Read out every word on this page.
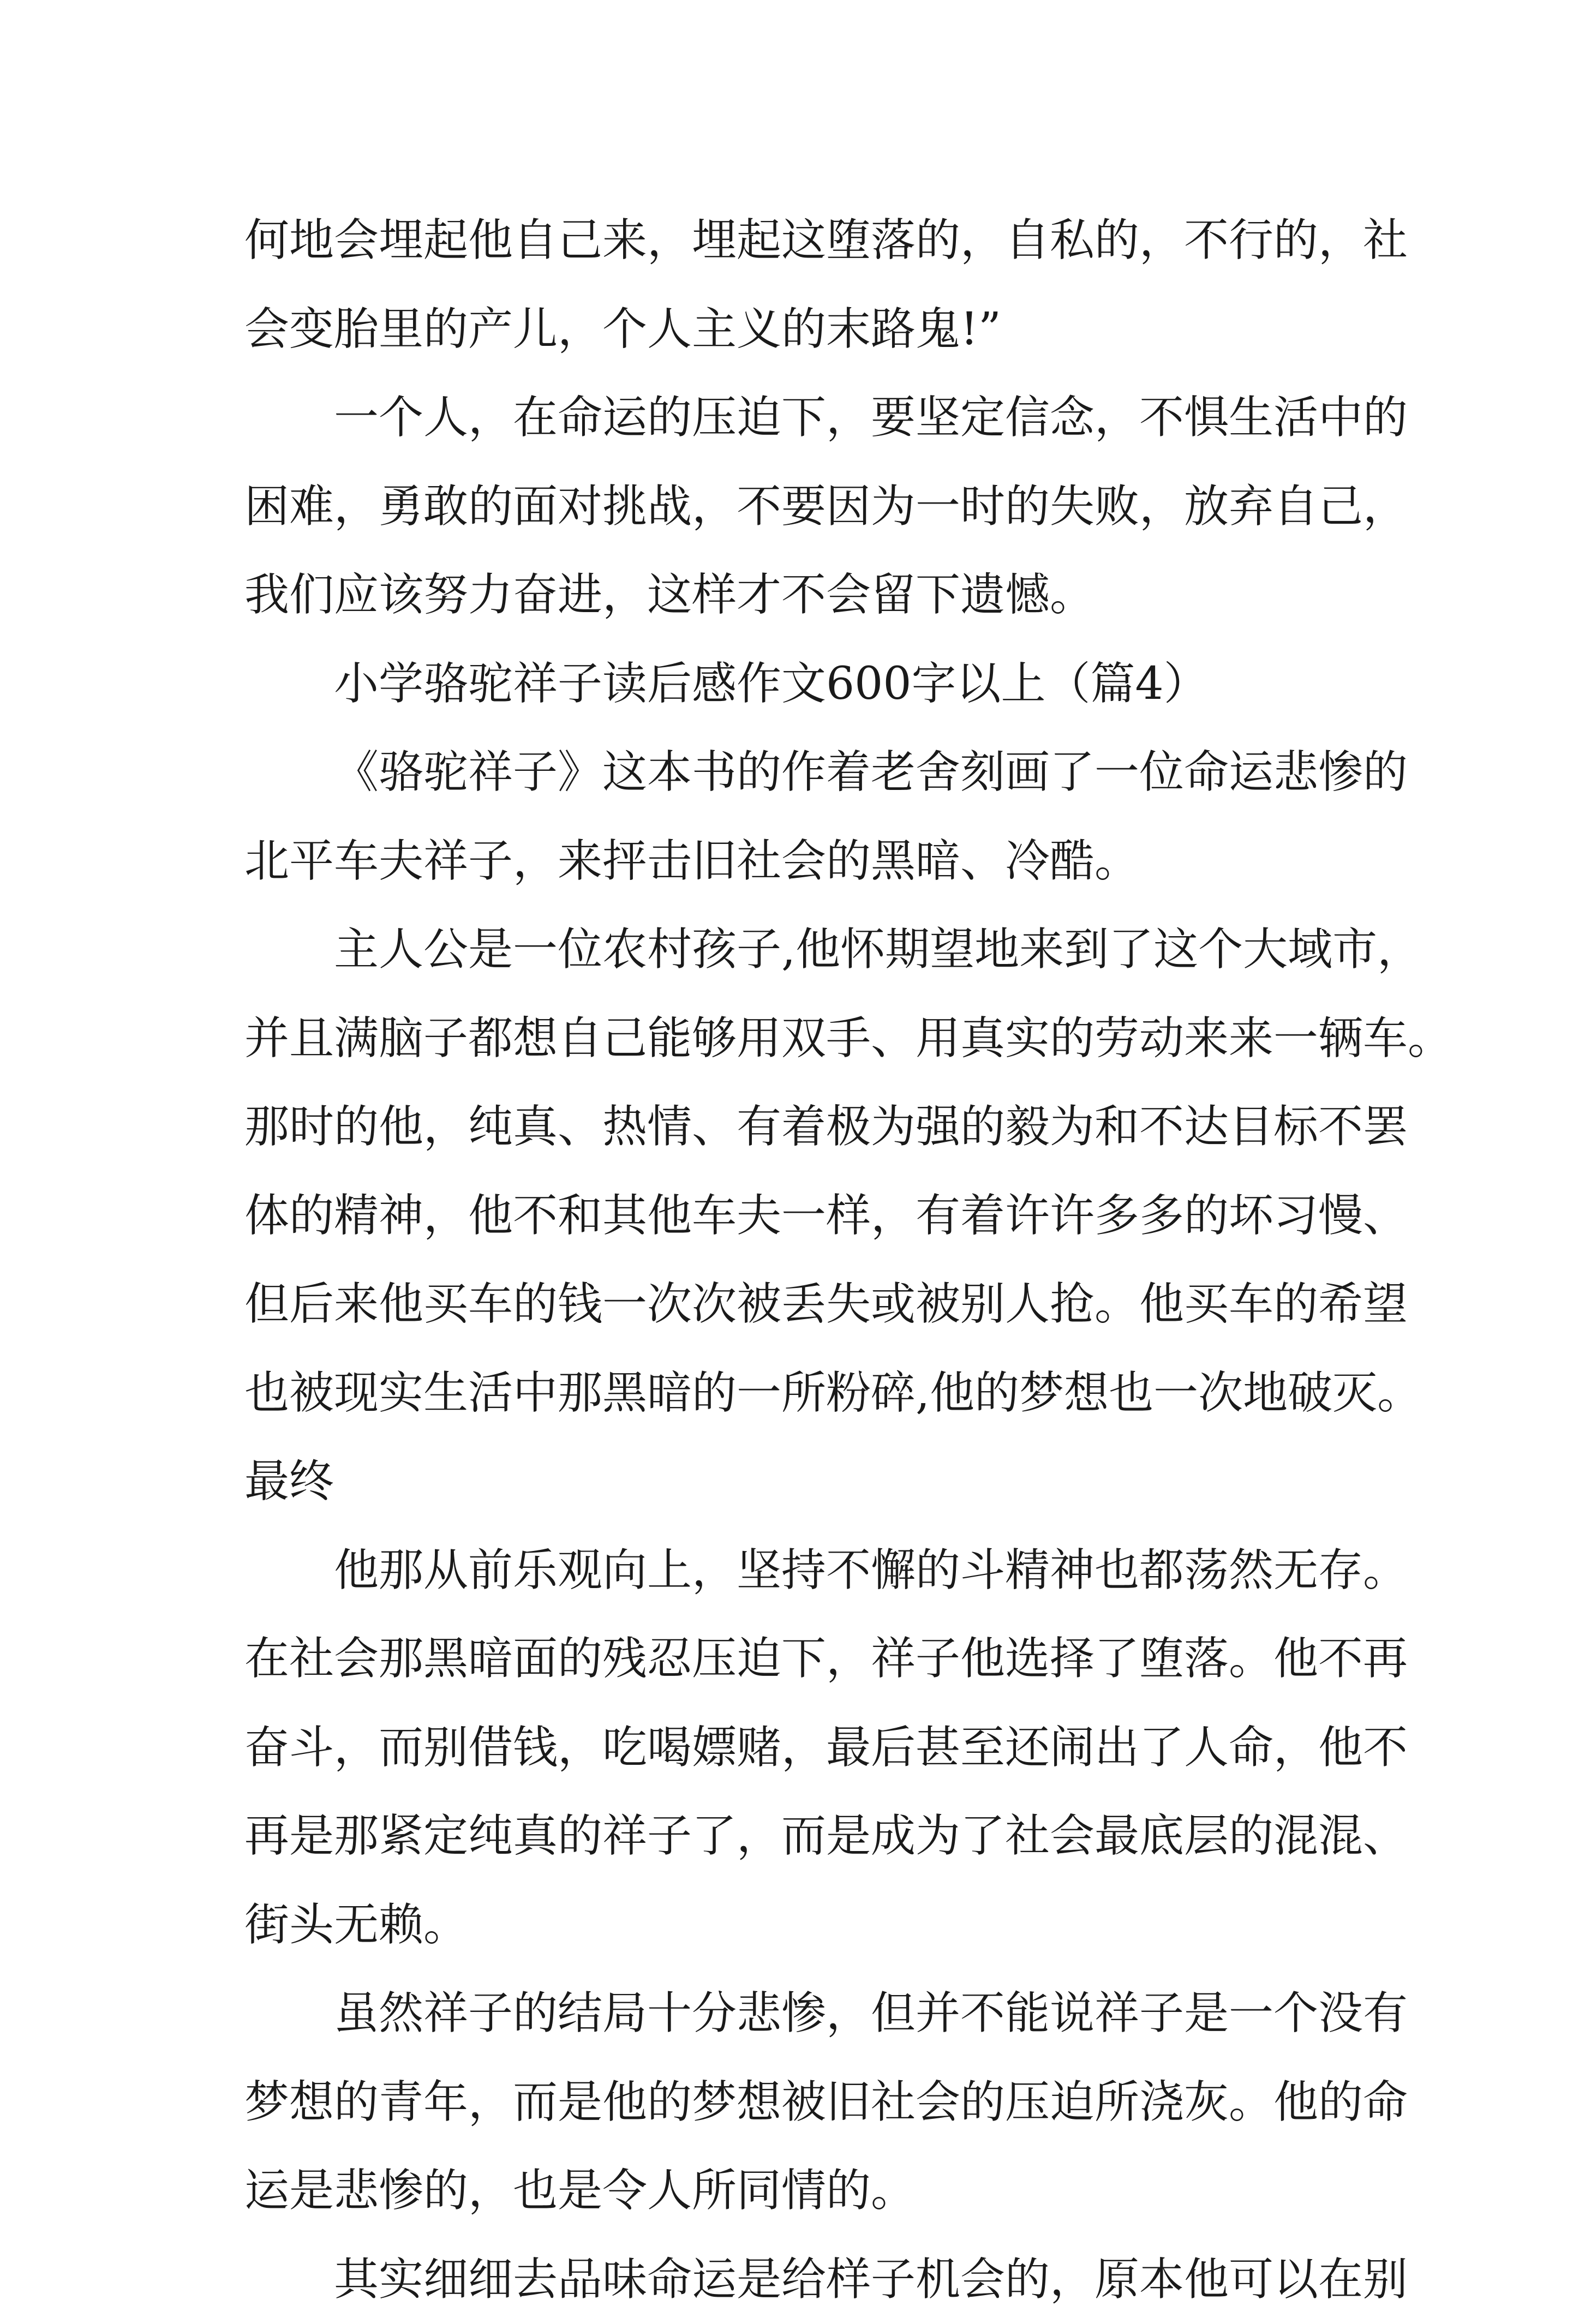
何地会埋起他自己来，埋起这堕落的，自私的，不行的，社

会变胎里的产儿，个人主义的末路鬼!”

一个人，在命运的压迫下，要坚定信念，不惧生活中的

困难，勇敢的面对挑战，不要因为一时的失败，放弃自己，

我们应该努力奋进，这样才不会留下遗憾。

小学骆驼祥子读后感作文600字以上（篇4）

《骆驼祥子》这本书的作着老舍刻画了一位命运悲惨的

北平车夫祥子，来抨击旧社会的黑暗、冷酷。

主人公是一位农村孩子,他怀期望地来到了这个大域市，

并且满脑子都想自己能够用双手、用真实的劳动来来一辆车。

那时的他，纯真、热情、有着极为强的毅为和不达目标不罢

体的精神，他不和其他车夫一样，有着许许多多的坏习慢、

但后来他买车的钱一次次被丢失或被别人抢。他买车的希望

也被现实生活中那黑暗的一所粉碎,他的梦想也一次地破灭。

最终

他那从前乐观向上，坚持不懈的斗精神也都荡然无存。

在社会那黑暗面的残忍压迫下，祥子他选择了堕落。他不再

奋斗，而别借钱，吃喝嫖赌，最后甚至还闹出了人命，他不

再是那紧定纯真的祥子了，而是成为了社会最底层的混混、

街头无赖。

虽然祥子的结局十分悲惨，但并不能说祥子是一个没有

梦想的青年，而是他的梦想被旧社会的压迫所浇灰。他的命

运是悲惨的，也是令人所同情的。

其实细细去品味命运是给样子机会的，原本他可以在别
